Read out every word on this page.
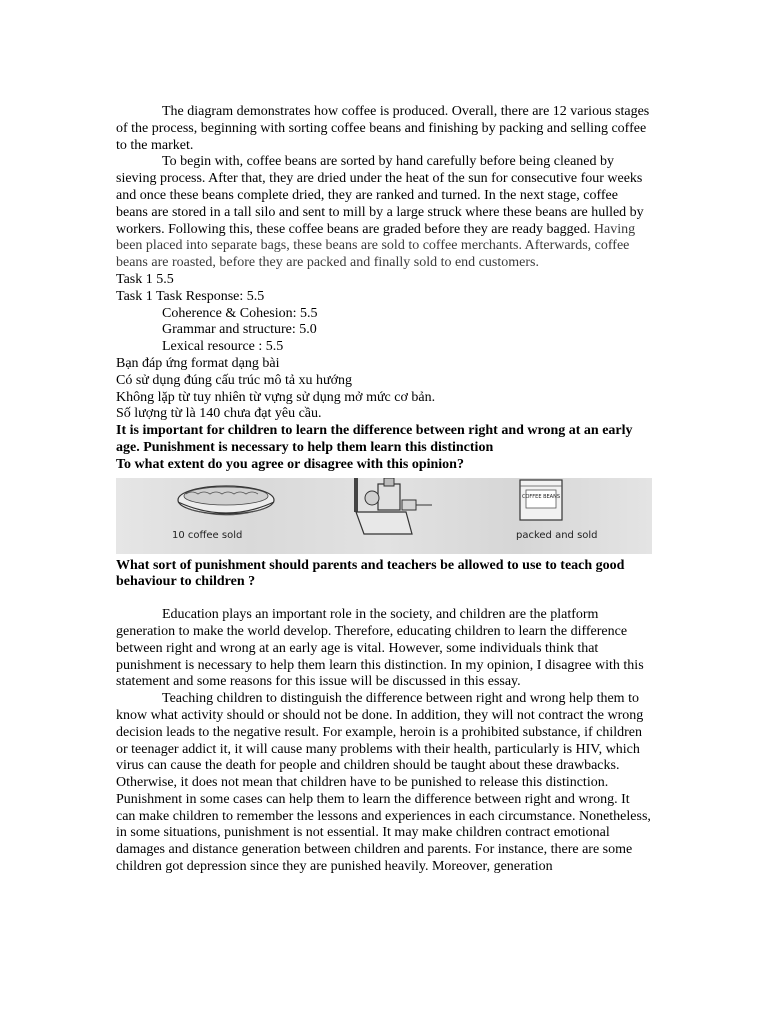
The diagram demonstrates how coffee is produced. Overall, there are 12 various stages of the process, beginning with sorting coffee beans and finishing by packing and selling coffee to the market.

To begin with, coffee beans are sorted by hand carefully before being cleaned by sieving process. After that, they are dried under the heat of the sun for consecutive four weeks and once these beans complete dried, they are ranked and turned. In the next stage, coffee beans are stored in a tall silo and sent to mill by a large struck where these beans are hulled by workers. Following this, these coffee beans are graded before they are ready bagged. Having been placed into separate bags, these beans are sold to coffee merchants. Afterwards, coffee beans are roasted, before they are packed and finally sold to end customers.

Task 1 5.5
Task 1 Task Response: 5.5
Coherence & Cohesion: 5.5
Grammar and structure: 5.0
Lexical resource : 5.5
Bạn đáp ứng format dạng bài
Có sử dụng đúng cấu trúc mô tả xu hướng
Không lặp từ tuy nhiên từ vựng sử dụng mở mức cơ bản.
Số lượng từ là 140 chưa đạt yêu cầu.

It is important for children to learn the difference between right and wrong at an early age. Punishment is necessary to help them learn this distinction

To what extent do you agree or disagree with this opinion?

COFFEE BEANS
10 coffee sold	packed and sold

What sort of punishment should parents and teachers be allowed to use to teach good behaviour to children ?

Education plays an important role in the society, and children are the platform generation to make the world develop. Therefore, educating children to learn the difference between right and wrong at an early age is vital. However, some individuals think that punishment is necessary to help them learn this distinction. In my opinion, I disagree with this statement and some reasons for this issue will be discussed in this essay.

Teaching children to distinguish the difference between right and wrong help them to know what activity should or should not be done. In addition, they will not contract the wrong decision leads to the negative result. For example, heroin is a prohibited substance, if children or teenager addict it, it will cause many problems with their health, particularly is HIV, which virus can cause the death for people and children should be taught about these drawbacks. Otherwise, it does not mean that children have to be punished to release this distinction. Punishment in some cases can help them to learn the difference between right and wrong. It can make children to remember the lessons and experiences in each circumstance. Nonetheless, in some situations, punishment is not essential. It may make children contract emotional damages and distance generation between children and parents. For instance, there are some children got depression since they are punished heavily. Moreover, generation
